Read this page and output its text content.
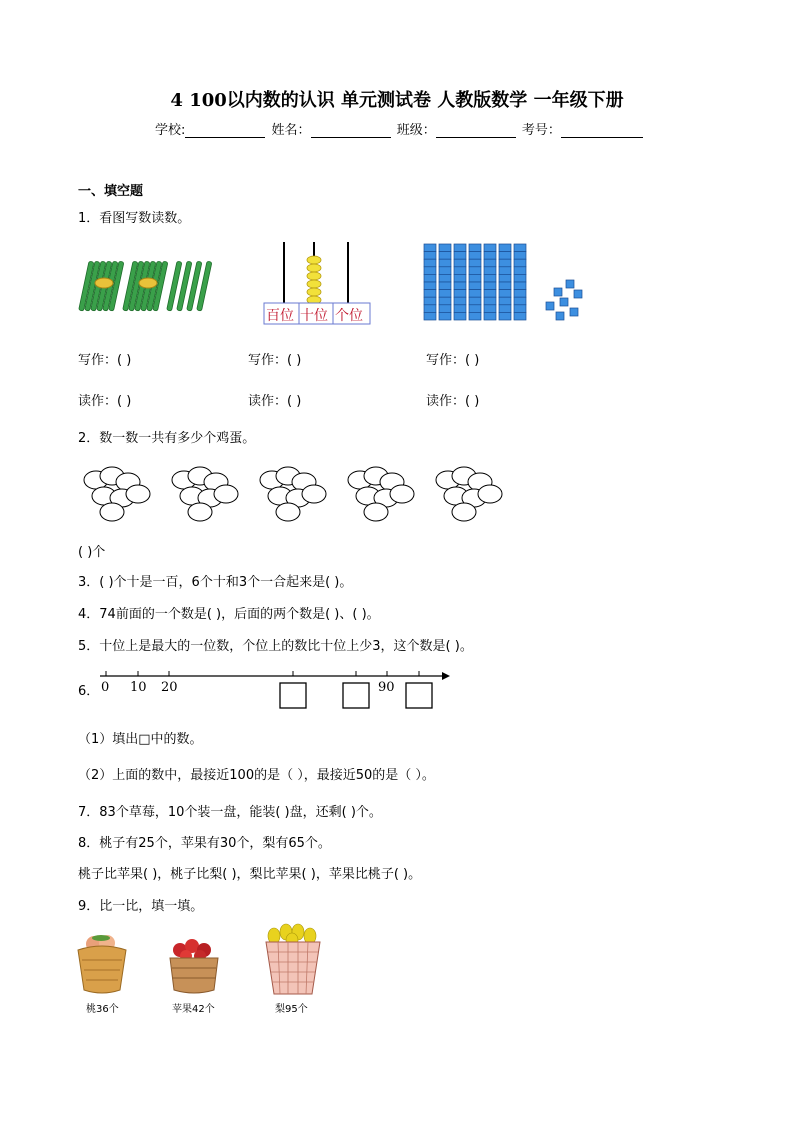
4 100以内数的认识 单元测试卷 人教版数学 一年级下册
学校:	姓名：	班级：	考号：
一、填空题
1．看图写数读数。
百位 十位 个位
写作：( )	写作：( )	写作：( )
读作：( )	读作：( )	读作：( )
2．数一数一共有多少个鸡蛋。
( )个
3．( )个十是一百，6个十和3个一合起来是( )。
4．74前面的一个数是( )，后面的两个数是( )、( )。
5．十位上是最大的一位数，个位上的数比十位上少3，这个数是( )。
6． 0 10 20	90
（1）填出□中的数。
（2）上面的数中，最接近100的是（ ），最接近50的是（ ）。
7．83个草莓，10个装一盘，能装( )盘，还剩( )个。
8．桃子有25个，苹果有30个，梨有65个。
桃子比苹果( )，桃子比梨( )，梨比苹果( )，苹果比桃子( )。
9．比一比，填一填。
桃36个	苹果42个	梨95个
